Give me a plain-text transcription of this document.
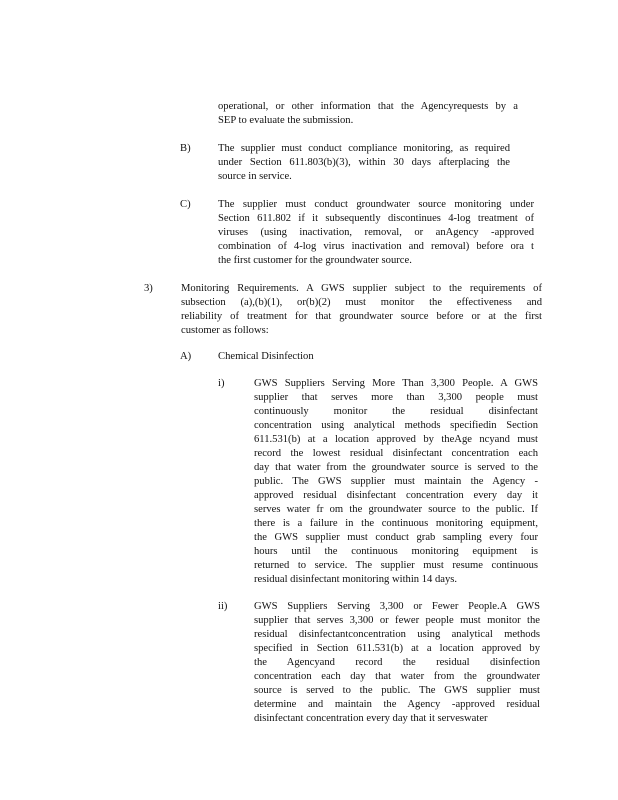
operational, or other information that the Agencyrequests by a
SEP to evaluate the submission.
B)	The supplier must conduct compliance monitoring, as required
under Section 611.803(b)(3), within 30 days afterplacing the
source in service.
C)	The supplier must conduct groundwater source monitoring under
Section 611.802 if it subsequently discontinues 4-log treatment of
viruses (using inactivation, removal, or anAgency -approved
combination of 4-log virus inactivation and removal) before ora t
the first customer for the groundwater source.
3)	Monitoring Requirements. A GWS supplier subject to the requirements of
subsection (a),(b)(1), or(b)(2) must monitor the effectiveness and
reliability of treatment for that groundwater source before or at the first
customer as follows:
A)	Chemical Disinfection
i)	GWS Suppliers Serving More Than 3,300 People. A GWS
supplier that serves more than 3,300 people must
continuously monitor the residual disinfectant
concentration using analytical methods specifiedin Section
611.531(b) at a location approved by theAge ncyand must
record the lowest residual disinfectant concentration each
day that water from the groundwater source is served to the
public. The GWS supplier must maintain the Agency -
approved residual disinfectant concentration every day it
serves water fr om the groundwater source to the public. If
there is a failure in the continuous monitoring equipment,
the GWS supplier must conduct grab sampling every four
hours until the continuous monitoring equipment is
returned to service. The supplier must resume continuous
residual disinfectant monitoring within 14 days.
ii)	GWS Suppliers Serving 3,300 or Fewer People.A GWS
supplier that serves 3,300 or fewer people must monitor the
residual disinfectantconcentration using analytical methods
specified in Section 611.531(b) at a location approved by
the Agencyand record the residual disinfection
concentration each day that water from the groundwater
source is served to the public. The GWS supplier must
determine and maintain the Agency -approved residual
disinfectant concentration every day that it serveswater
